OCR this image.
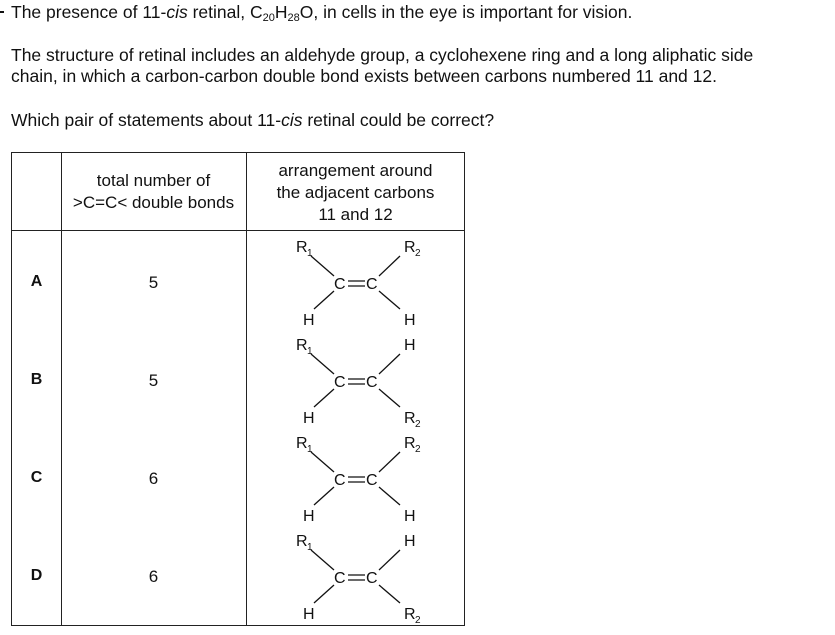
The presence of 11-cis retinal, $C_{20}H_{28}O$, in cells in the eye is important for vision.
The structure of retinal includes an aldehyde group, a cyclohexene ring and a long aliphatic side
chain, in which a carbon-carbon double bond exists between carbons numbered 11 and 12.
Which pair of statements about 11-cis retinal could be correct?
total number of
>C=C< double bonds
arrangement around
the adjacent carbons
11 and 12
A	5	C C
R 1	R 2
H	H
B	5	C C
R 1	H
H	R 2
C	6	C C
R 1	R 2
H	H
D	6	C C
R 1	H
H	R 2
